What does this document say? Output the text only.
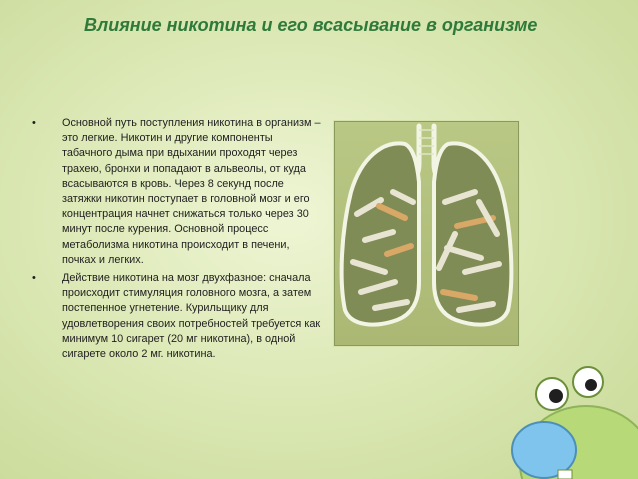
Влияние никотина и его всасывание в организме
• Основной путь поступления никотина в организм – это легкие. Никотин и другие компоненты табачного дыма при вдыхании проходят через трахею, бронхи и попадают в альвеолы, от куда всасываются в кровь. Через 8 секунд после затяжки никотин поступает в головной мозг и его концентрация начнет снижаться только через 30 минут после курения. Основной процесс метаболизма никотина происходит в печени, почках и легких.
• Действие никотина на мозг двухфазное: сначала происходит стимуляция головного мозга, а затем постепенное угнетение. Курильщику для удовлетворения своих потребностей требуется как минимум 10 сигарет (20 мг никотина), в одной сигарете около 2 мг. никотина.
